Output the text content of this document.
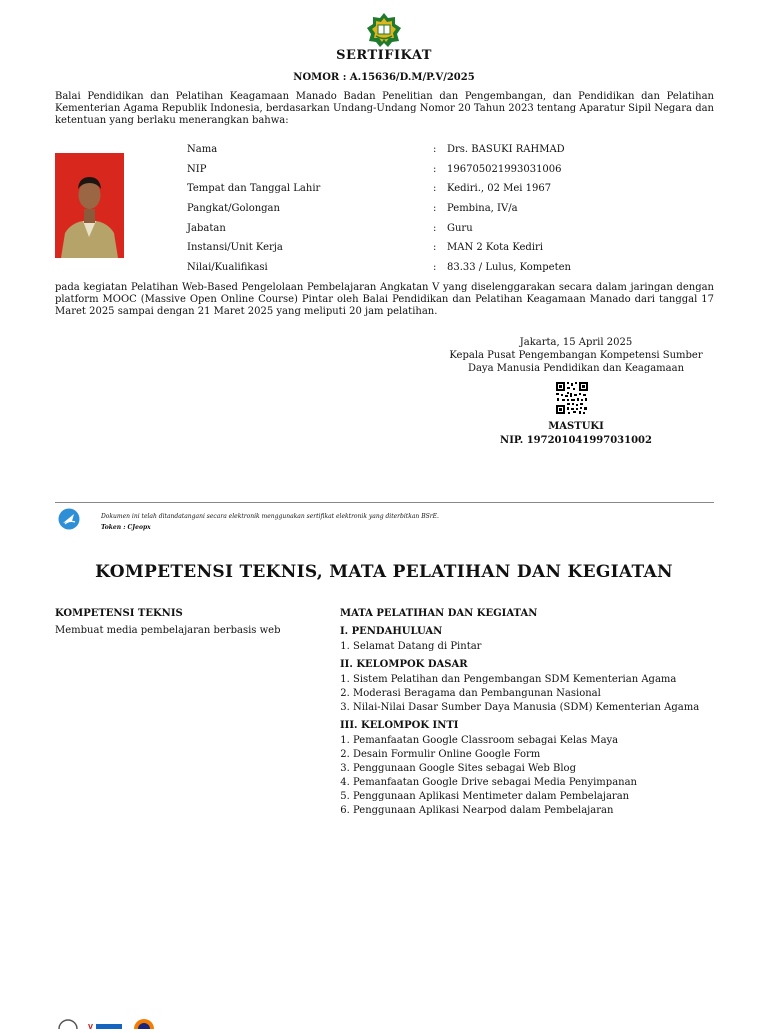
SERTIFIKAT
NOMOR : A.15636/D.M/P.V/2025
Balai Pendidikan dan Pelatihan Keagamaan Manado Badan Penelitian dan Pengembangan, dan Pendidikan dan Pelatihan Kementerian Agama Republik Indonesia, berdasarkan Undang-Undang Nomor 20 Tahun 2023 tentang Aparatur Sipil Negara dan ketentuan yang berlaku menerangkan bahwa:
Nama	: Drs. BASUKI RAHMAD
NIP	: 196705021993031006
Tempat dan Tanggal Lahir	: Kediri., 02 Mei 1967
Pangkat/Golongan	: Pembina, IV/a
Jabatan	: Guru
Instansi/Unit Kerja	: MAN 2 Kota Kediri
Nilai/Kualifikasi	: 83.33 / Lulus, Kompeten
pada kegiatan Pelatihan Web-Based Pengelolaan Pembelajaran Angkatan V yang diselenggarakan secara dalam jaringan dengan platform MOOC (Massive Open Online Course) Pintar oleh Balai Pendidikan dan Pelatihan Keagamaan Manado dari tanggal 17 Maret 2025 sampai dengan 21 Maret 2025 yang meliputi 20 jam pelatihan.
Jakarta, 15 April 2025
Kepala Pusat Pengembangan Kompetensi Sumber
Daya Manusia Pendidikan dan Keagamaan
MASTUKI
NIP. 197201041997031002
Dokumen ini telah ditandatangani secara elektronik menggunakan sertifikat elektronik yang diterbitkan BSrE.
Token : CJeopx
KOMPETENSI TEKNIS, MATA PELATIHAN DAN KEGIATAN
KOMPETENSI TEKNIS
Membuat media pembelajaran berbasis web
MATA PELATIHAN DAN KEGIATAN
I. PENDAHULUAN
1. Selamat Datang di Pintar
II. KELOMPOK DASAR
1. Sistem Pelatihan dan Pengembangan SDM Kementerian Agama
2. Moderasi Beragama dan Pembangunan Nasional
3. Nilai-Nilai Dasar Sumber Daya Manusia (SDM) Kementerian Agama
III. KELOMPOK INTI
1. Pemanfaatan Google Classroom sebagai Kelas Maya
2. Desain Formulir Online Google Form
3. Penggunaan Google Sites sebagai Web Blog
4. Pemanfaatan Google Drive sebagai Media Penyimpanan
5. Penggunaan Aplikasi Mentimeter dalam Pembelajaran
6. Penggunaan Aplikasi Nearpod dalam Pembelajaran
ᴠ
